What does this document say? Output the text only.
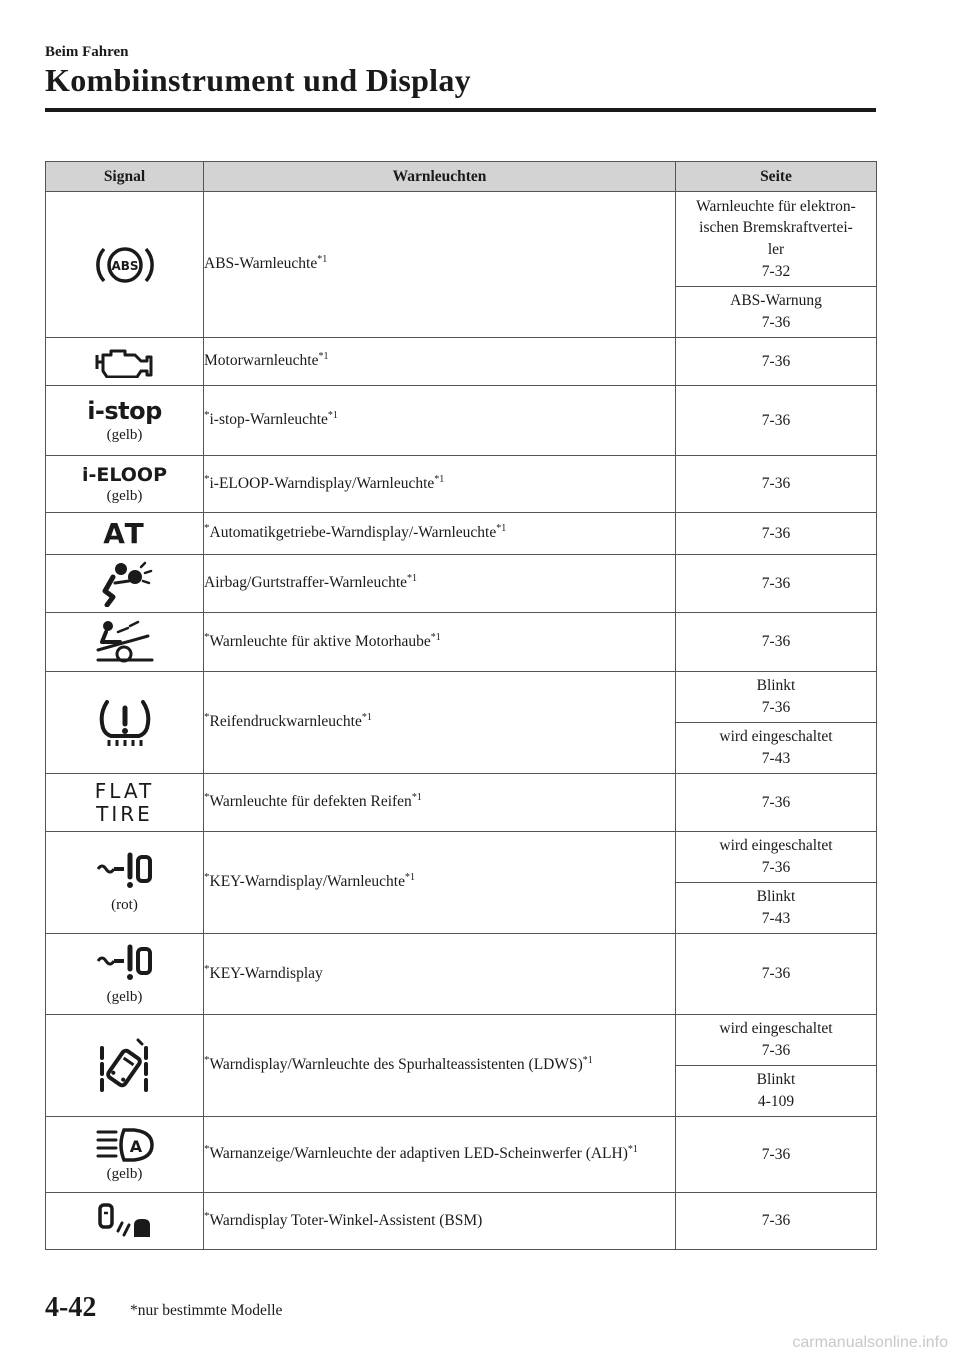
Beim Fahren
Kombiinstrument und Display
Signal	Warnleuchten	Seite

ABS	ABS-Warnleuchte$^{*1}$	Warnleuchte für elektron-
ischen Bremskraftvertei-
ler
7-32
		ABS-Warnung
7-36

	Motorwarnleuchte$^{*1}$	7-36

i-stop
(gelb)	*i-stop-Warnleuchte$^{*1}$	7-36

i-ELOOP
(gelb)	*i-ELOOP-Warndisplay/Warnleuchte$^{*1}$	7-36

AT	*Automatikgetriebe-Warndisplay/-Warnleuchte$^{*1}$	7-36

	Airbag/Gurtstraffer-Warnleuchte$^{*1}$	7-36

	*Warnleuchte für aktive Motorhaube$^{*1}$	7-36

	*Reifendruckwarnleuchte$^{*1}$	Blinkt
7-36
		wird eingeschaltet
7-43

FLAT
TIRE	*Warnleuchte für defekten Reifen$^{*1}$	7-36

(rot)	*KEY-Warndisplay/Warnleuchte$^{*1}$	wird eingeschaltet
7-36
		Blinkt
7-43

(gelb)	*KEY-Warndisplay	7-36

	*Warndisplay/Warnleuchte des Spurhalteassistenten (LDWS)$^{*1}$	wird eingeschaltet
7-36
		Blinkt
4-109

A
(gelb)	*Warnanzeige/Warnleuchte der adaptiven LED-Scheinwerfer (ALH)$^{*1}$	7-36

	*Warndisplay Toter-Winkel-Assistent (BSM)	7-36
4-42 *nur bestimmte Modelle
carmanualsonline.info
